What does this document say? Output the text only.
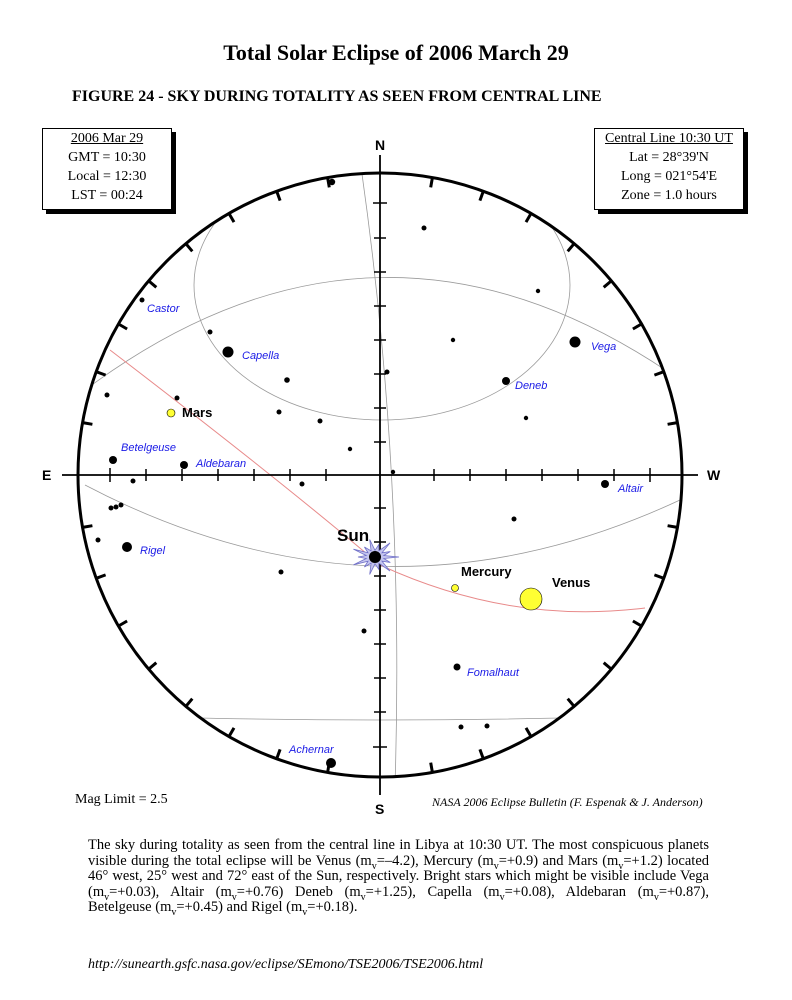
Total Solar Eclipse of 2006 March 29
FIGURE 24 - SKY DURING TOTALITY AS SEEN FROM CENTRAL LINE
2006 Mar 29
GMT = 10:30
Local = 12:30
LST = 00:24
Central Line 10:30 UT
Lat = 28°39'N
Long = 021°54'E
Zone = 1.0 hours
Castor
Capella
Vega
Deneb
Betelgeuse
Aldebaran
Altair
Rigel
Fomalhaut
Achernar
Mars
Mercury
Venus
Sun
N
S
E	W
Mag Limit = 2.5	NASA 2006 Eclipse Bulletin (F. Espenak & J. Anderson)
The sky during totality as seen from the central line in Libya at 10:30 UT. The most conspicuous planets visible during the total eclipse will be Venus $(m_v=-4.2)$, Mercury $(m_v=+0.9)$ and Mars $(m_v=+1.2)$ located 46° west, 25° west and 72° east of the Sun, respectively. Bright stars which might be visible include Vega $(m_v=+0.03)$, Altair $(m_v=+0.76)$ Deneb $(m_v=+1.25)$, Capella $(m_v=+0.08)$, Aldebaran $(m_v=+0.87)$, Betelgeuse $(m_v=+0.45)$ and Rigel $(m_v=+0.18)$.
http://sunearth.gsfc.nasa.gov/eclipse/SEmono/TSE2006/TSE2006.html
